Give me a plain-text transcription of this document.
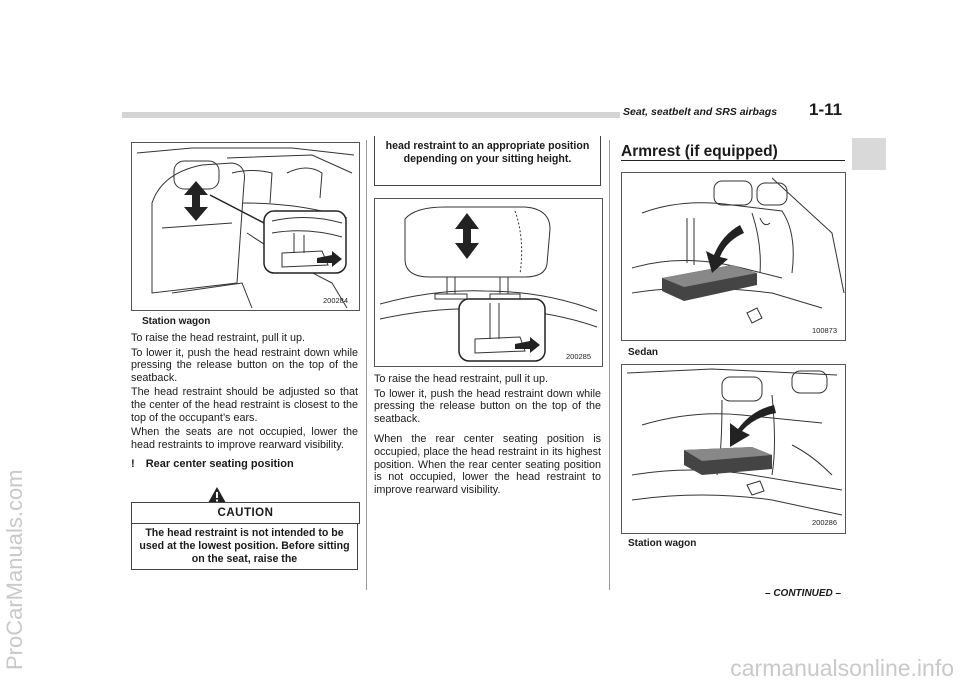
Seat, seatbelt and SRS airbags 1-11
ProCarManuals.com	carmanualsonline.info
200284
Station wagon

To raise the head restraint, pull it up.

To lower it, push the head restraint down while pressing the release button on the top of the seatback.

The head restraint should be adjusted so that the center of the head restraint is closest to the top of the occupant’s ears.

When the seats are not occupied, lower the head restraints to improve rearward visibility.

! Rear center seating position
CAUTION
The head restraint is not intended to be used at the lowest position. Before sitting on the seat, raise the
head restraint to an appropriate position depending on your sitting height.
200285

To raise the head restraint, pull it up.

To lower it, push the head restraint down while pressing the release button on the top of the seatback.

When the rear center seating position is occupied, place the head restraint in its highest position. When the rear center seating position is not occupied, lower the head restraint to improve rearward visibility.

Armrest (if equipped)
100873
Sedan
200286
Station wagon
– CONTINUED –
